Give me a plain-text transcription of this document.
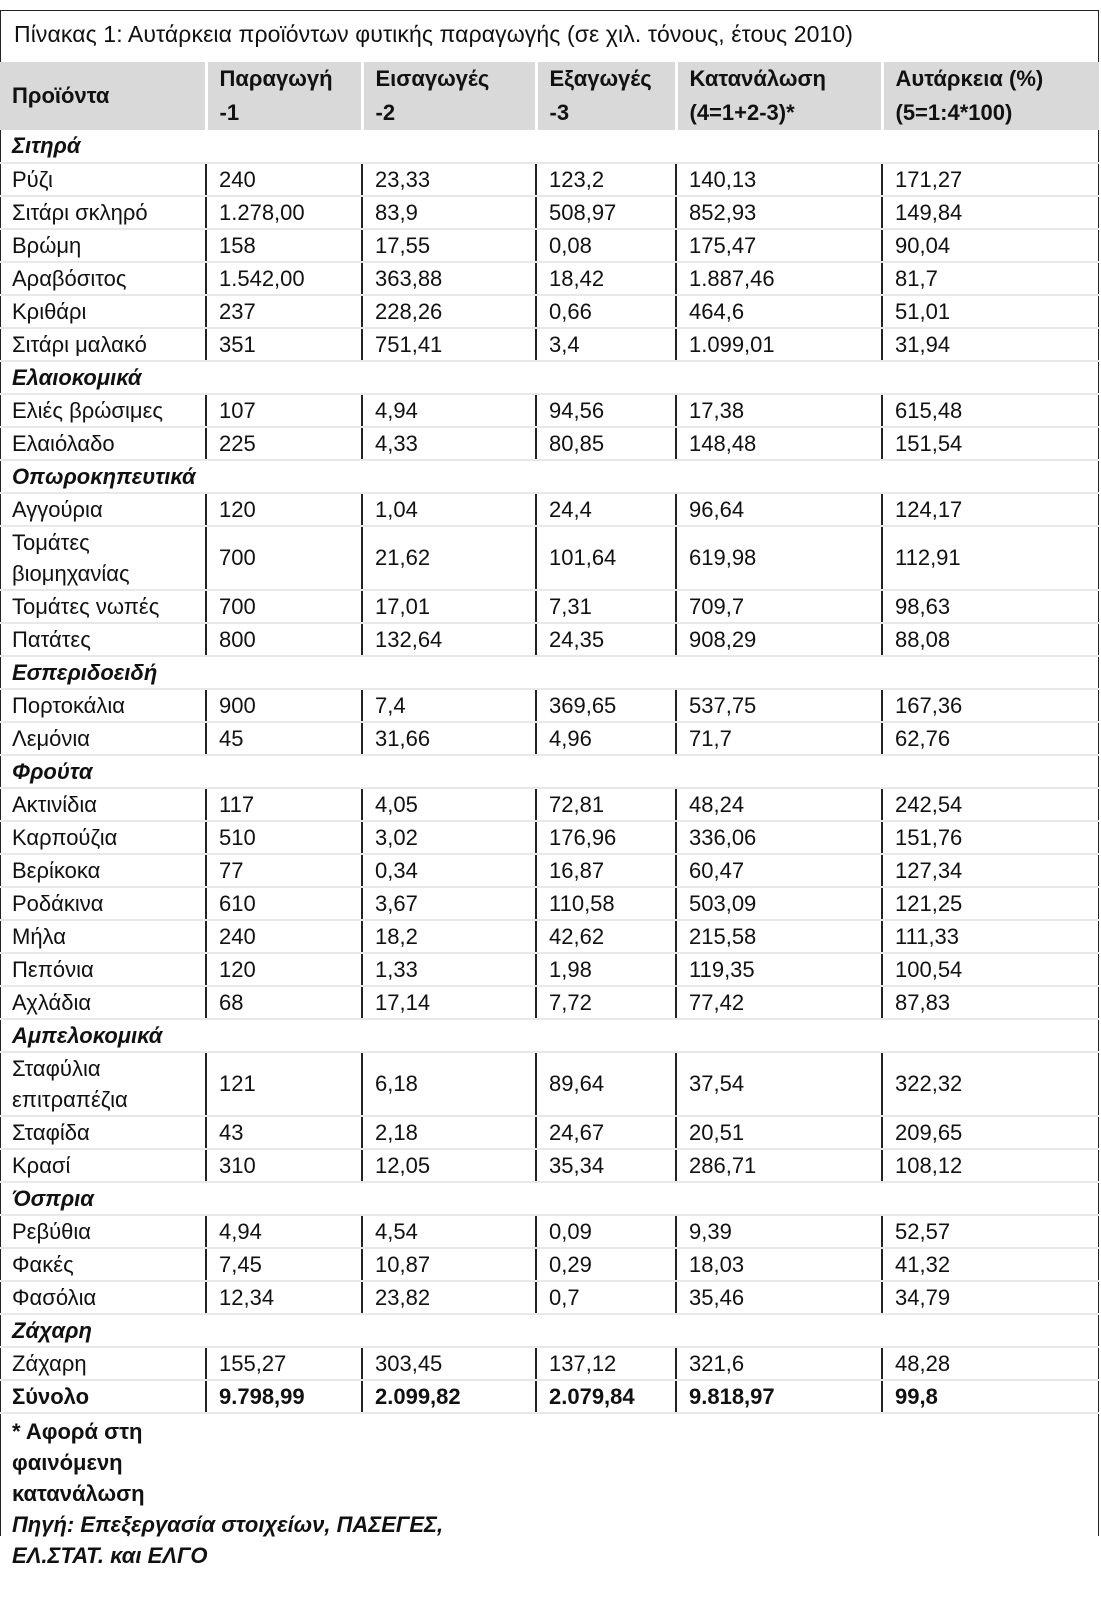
Πίνακας 1: Αυτάρκεια προϊόντων φυτικής παραγωγής (σε χιλ. τόνους, έτους 2010)
Προϊόντα	Παραγωγή	Εισαγωγές	Εξαγωγές	Κατανάλωση	Αυτάρκεια (%)
	-1	-2	-3	(4=1+2-3)*	(5=1:4*100)
Σιτηρά					
Ρύζι	240	23,33	123,2	140,13	171,27
Σιτάρι σκληρό	1.278,00	83,9	508,97	852,93	149,84
Βρώμη	158	17,55	0,08	175,47	90,04
Αραβόσιτος	1.542,00	363,88	18,42	1.887,46	81,7
Κριθάρι	237	228,26	0,66	464,6	51,01
Σιτάρι μαλακό	351	751,41	3,4	1.099,01	31,94
Ελαιοκομικά					
Ελιές βρώσιμες	107	4,94	94,56	17,38	615,48
Ελαιόλαδο	225	4,33	80,85	148,48	151,54
Οπωροκηπευτικά					
Αγγούρια	120	1,04	24,4	96,64	124,17
Τομάτες βιομηχανίας	700	21,62	101,64	619,98	112,91
Τομάτες νωπές	700	17,01	7,31	709,7	98,63
Πατάτες	800	132,64	24,35	908,29	88,08
Εσπεριδοειδή					
Πορτοκάλια	900	7,4	369,65	537,75	167,36
Λεμόνια	45	31,66	4,96	71,7	62,76
Φρούτα					
Ακτινίδια	117	4,05	72,81	48,24	242,54
Καρπούζια	510	3,02	176,96	336,06	151,76
Βερίκοκα	77	0,34	16,87	60,47	127,34
Ροδάκινα	610	3,67	110,58	503,09	121,25
Μήλα	240	18,2	42,62	215,58	111,33
Πεπόνια	120	1,33	1,98	119,35	100,54
Αχλάδια	68	17,14	7,72	77,42	87,83
Αμπελοκομικά					
Σταφύλια επιτραπέζια	121	6,18	89,64	37,54	322,32
Σταφίδα	43	2,18	24,67	20,51	209,65
Κρασί	310	12,05	35,34	286,71	108,12
Όσπρια					
Ρεβύθια	4,94	4,54	0,09	9,39	52,57
Φακές	7,45	10,87	0,29	18,03	41,32
Φασόλια	12,34	23,82	0,7	35,46	34,79
Ζάχαρη					
Ζάχαρη	155,27	303,45	137,12	321,6	48,28
Σύνολο	9.798,99	2.099,82	2.079,84	9.818,97	99,8
* Αφορά στη φαινόμενη κατανάλωση					
Πηγή: Επεξεργασία στοιχείων, ΠΑΣΕΓΕΣ, ΕΛ.ΣΤΑΤ. και ΕΛΓΟ					
